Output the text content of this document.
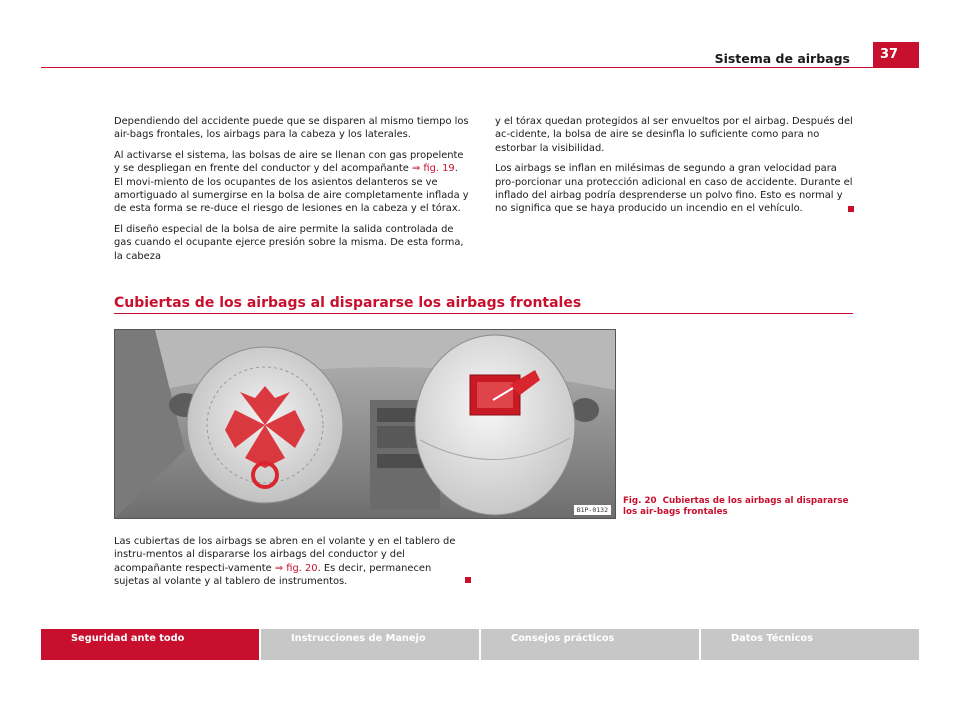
37
Sistema de airbags

Dependiendo del accidente puede que se disparen al mismo tiempo los air-bags frontales, los airbags para la cabeza y los laterales.

Al activarse el sistema, las bolsas de aire se llenan con gas propelente y se despliegan en frente del conductor y del acompañante ⇒ fig. 19. El movi-miento de los ocupantes de los asientos delanteros se ve amortiguado al sumergirse en la bolsa de aire completamente inflada y de esta forma se re-duce el riesgo de lesiones en la cabeza y el tórax.

El diseño especial de la bolsa de aire permite la salida controlada de gas cuando el ocupante ejerce presión sobre la misma. De esta forma, la cabeza

y el tórax quedan protegidos al ser envueltos por el airbag. Después del ac-cidente, la bolsa de aire se desinfla lo suficiente como para no estorbar la visibilidad.

Los airbags se inflan en milésimas de segundo a gran velocidad para pro-porcionar una protección adicional en caso de accidente. Durante el inflado del airbag podría desprenderse un polvo fino. Esto es normal y no significa que se haya producido un incendio en el vehículo.

Cubiertas de los airbags al dispararse los airbags frontales
B1P-0132
Fig. 20 Cubiertas de los airbags al dispararse los air-bags frontales

Las cubiertas de los airbags se abren en el volante y en el tablero de instru-mentos al dispararse los airbags del conductor y del acompañante respecti-vamente ⇒ fig. 20. Es decir, permanecen sujetas al volante y al tablero de instrumentos.

Seguridad ante todo	Instrucciones de Manejo	Consejos prácticos	Datos Técnicos
